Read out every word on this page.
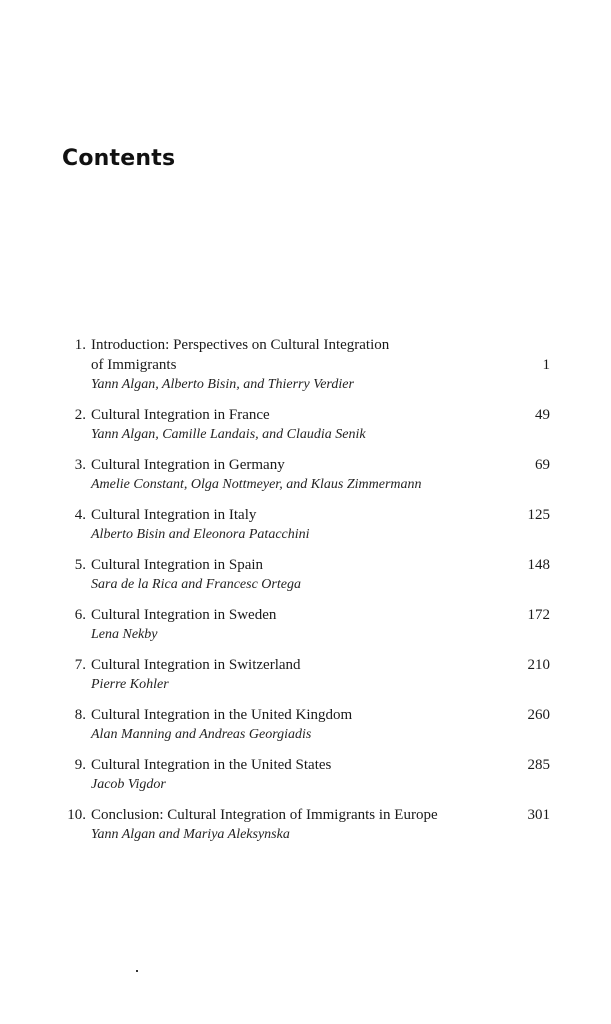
Contents
1. Introduction: Perspectives on Cultural Integration
of Immigrants
Yann Algan, Alberto Bisin, and Thierry Verdier
1
2. Cultural Integration in France
Yann Algan, Camille Landais, and Claudia Senik
49
3. Cultural Integration in Germany
Amelie Constant, Olga Nottmeyer, and Klaus Zimmermann
69
4. Cultural Integration in Italy
Alberto Bisin and Eleonora Patacchini
125
5. Cultural Integration in Spain
Sara de la Rica and Francesc Ortega
148
6. Cultural Integration in Sweden
Lena Nekby
172
7. Cultural Integration in Switzerland
Pierre Kohler
210
8. Cultural Integration in the United Kingdom
Alan Manning and Andreas Georgiadis
260
9. Cultural Integration in the United States
Jacob Vigdor
285
10. Conclusion: Cultural Integration of Immigrants in Europe
Yann Algan and Mariya Aleksynska
301
